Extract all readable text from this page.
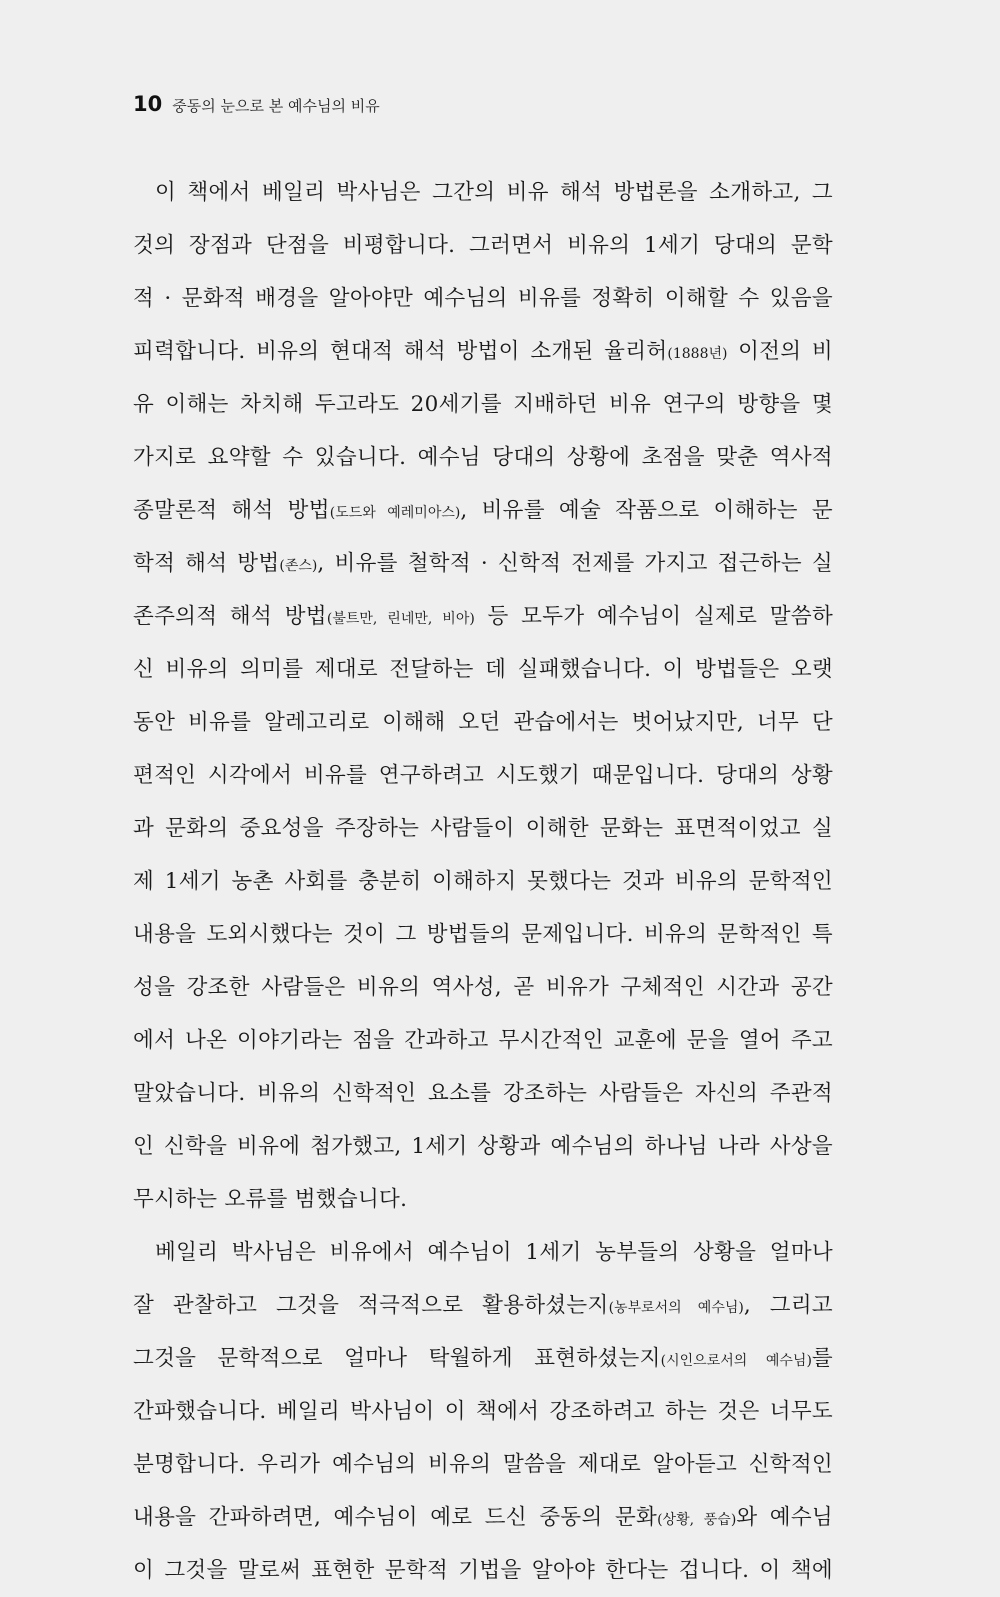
10 중동의 눈으로 본 예수님의 비유
이 책에서 베일리 박사님은 그간의 비유 해석 방법론을 소개하고, 그
것의 장점과 단점을 비평합니다. 그러면서 비유의 1세기 당대의 문학
적 · 문화적 배경을 알아야만 예수님의 비유를 정확히 이해할 수 있음을
피력합니다. 비유의 현대적 해석 방법이 소개된 율리허(1888년) 이전의 비
유 이해는 차치해 두고라도 20세기를 지배하던 비유 연구의 방향을 몇
가지로 요약할 수 있습니다. 예수님 당대의 상황에 초점을 맞춘 역사적
종말론적 해석 방법(도드와 예레미아스), 비유를 예술 작품으로 이해하는 문
학적 해석 방법(존스), 비유를 철학적 · 신학적 전제를 가지고 접근하는 실
존주의적 해석 방법(불트만, 린네만, 비아) 등 모두가 예수님이 실제로 말씀하
신 비유의 의미를 제대로 전달하는 데 실패했습니다. 이 방법들은 오랫
동안 비유를 알레고리로 이해해 오던 관습에서는 벗어났지만, 너무 단
편적인 시각에서 비유를 연구하려고 시도했기 때문입니다. 당대의 상황
과 문화의 중요성을 주장하는 사람들이 이해한 문화는 표면적이었고 실
제 1세기 농촌 사회를 충분히 이해하지 못했다는 것과 비유의 문학적인
내용을 도외시했다는 것이 그 방법들의 문제입니다. 비유의 문학적인 특
성을 강조한 사람들은 비유의 역사성, 곧 비유가 구체적인 시간과 공간
에서 나온 이야기라는 점을 간과하고 무시간적인 교훈에 문을 열어 주고
말았습니다. 비유의 신학적인 요소를 강조하는 사람들은 자신의 주관적
인 신학을 비유에 첨가했고, 1세기 상황과 예수님의 하나님 나라 사상을
무시하는 오류를 범했습니다.
베일리 박사님은 비유에서 예수님이 1세기 농부들의 상황을 얼마나
잘 관찰하고 그것을 적극적으로 활용하셨는지(농부로서의 예수님), 그리고
그것을 문학적으로 얼마나 탁월하게 표현하셨는지(시인으로서의 예수님)를
간파했습니다. 베일리 박사님이 이 책에서 강조하려고 하는 것은 너무도
분명합니다. 우리가 예수님의 비유의 말씀을 제대로 알아듣고 신학적인
내용을 간파하려면, 예수님이 예로 드신 중동의 문화(상황, 풍습)와 예수님
이 그것을 말로써 표현한 문학적 기법을 알아야 한다는 겁니다. 이 책에
